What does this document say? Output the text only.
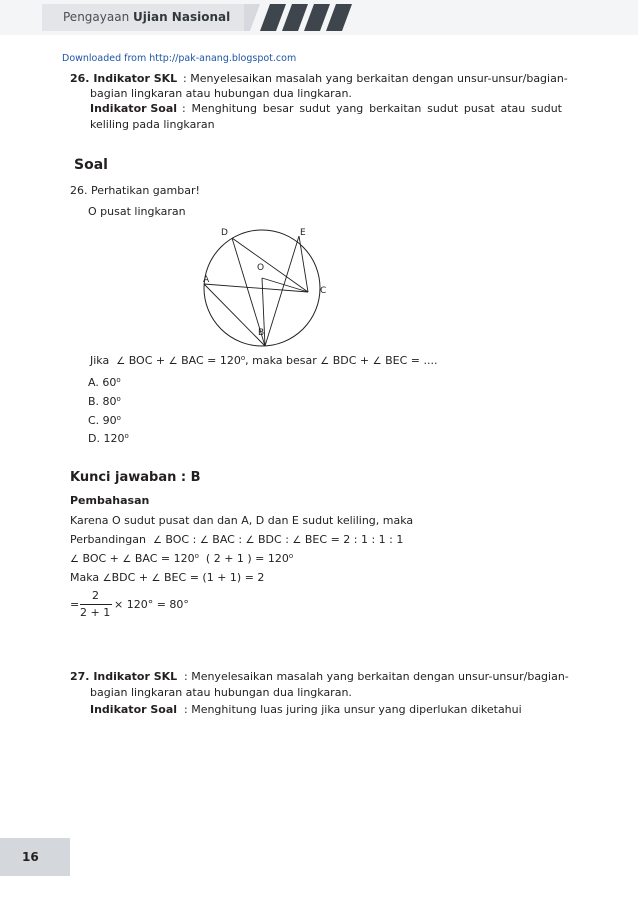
Pengayaan Ujian Nasional
Downloaded from http://pak-anang.blogspot.com
26. Indikator SKL : Menyelesaikan masalah yang berkaitan dengan unsur-unsur/bagian-
bagian lingkaran atau hubungan dua lingkaran.
Indikator Soal : Menghitung besar sudut yang berkaitan sudut pusat atau sudut
keliling pada lingkaran
Soal
26. Perhatikan gambar!
O pusat lingkaran
D	E
O
A
C
B
Jika ∠ BOC + ∠ BAC = $120^o$, maka besar ∠ BDC + ∠ BEC = ....
A. 60$^o$
B. 80$^o$
C. 90$^o$
D. 120$^o$
Kunci jawaban : B
Pembahasan
Karena O sudut pusat dan dan A, D dan E sudut keliling, maka
Perbandingan ∠ BOC : ∠ BAC : ∠ BDC : ∠ BEC = 2 : 1 : 1 : 1
∠ BOC + ∠ BAC = $120^o$ ( 2 + 1 ) = $120^o$
Maka ∠BDC + ∠ BEC = (1 + 1) = 2
=
2
2 + 1
× 120° = 80°
27. Indikator SKL : Menyelesaikan masalah yang berkaitan dengan unsur-unsur/bagian-
bagian lingkaran atau hubungan dua lingkaran.
Indikator Soal : Menghitung luas juring jika unsur yang diperlukan diketahui
16
